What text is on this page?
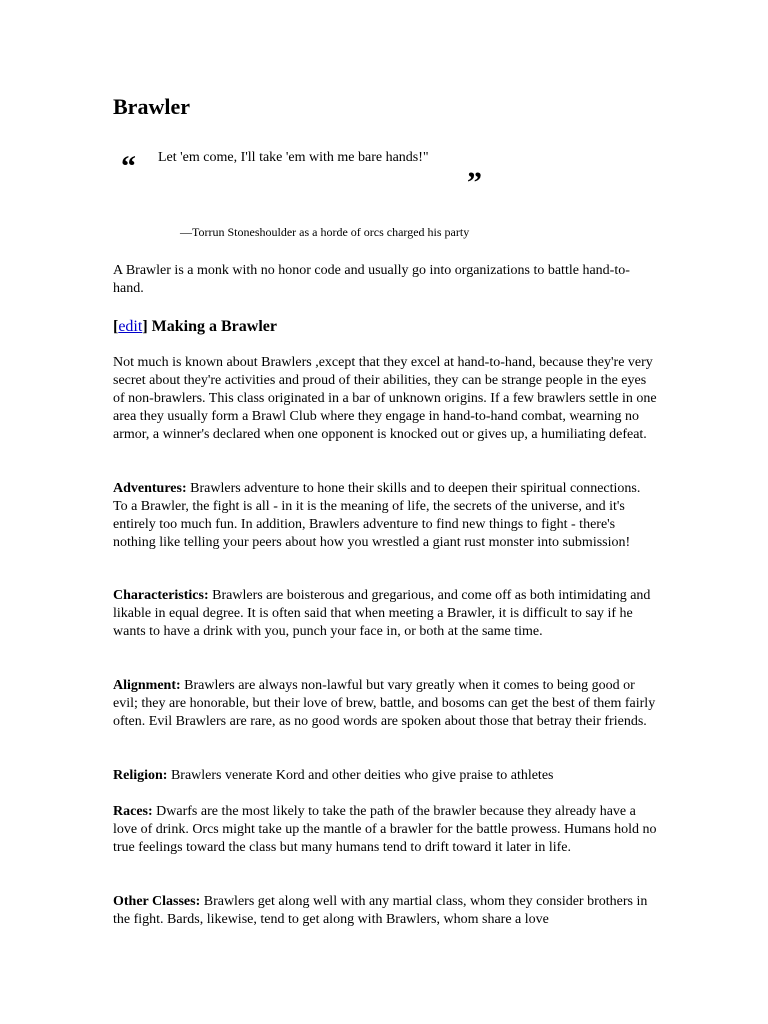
Brawler
“ Let 'em come, I'll take 'em with me bare hands!"
”
—Torrun Stoneshoulder as a horde of orcs charged his party

A Brawler is a monk with no honor code and usually go into organizations to battle hand-to-hand.

[edit] Making a Brawler

Not much is known about Brawlers ,except that they excel at hand-to-hand, because they're very secret about they're activities and proud of their abilities, they can be strange people in the eyes of non-brawlers. This class originated in a bar of unknown origins. If a few brawlers settle in one area they usually form a Brawl Club where they engage in hand-to-hand combat, wearning no armor, a winner's declared when one opponent is knocked out or gives up, a humiliating defeat.

Adventures: Brawlers adventure to hone their skills and to deepen their spiritual connections. To a Brawler, the fight is all - in it is the meaning of life, the secrets of the universe, and it's entirely too much fun. In addition, Brawlers adventure to find new things to fight - there's nothing like telling your peers about how you wrestled a giant rust monster into submission!

Characteristics: Brawlers are boisterous and gregarious, and come off as both intimidating and likable in equal degree. It is often said that when meeting a Brawler, it is difficult to say if he wants to have a drink with you, punch your face in, or both at the same time.

Alignment: Brawlers are always non-lawful but vary greatly when it comes to being good or evil; they are honorable, but their love of brew, battle, and bosoms can get the best of them fairly often. Evil Brawlers are rare, as no good words are spoken about those that betray their friends.

Religion: Brawlers venerate Kord and other deities who give praise to athletes

Races: Dwarfs are the most likely to take the path of the brawler because they already have a love of drink. Orcs might take up the mantle of a brawler for the battle prowess. Humans hold no true feelings toward the class but many humans tend to drift toward it later in life.

Other Classes: Brawlers get along well with any martial class, whom they consider brothers in the fight. Bards, likewise, tend to get along with Brawlers, whom share a love
